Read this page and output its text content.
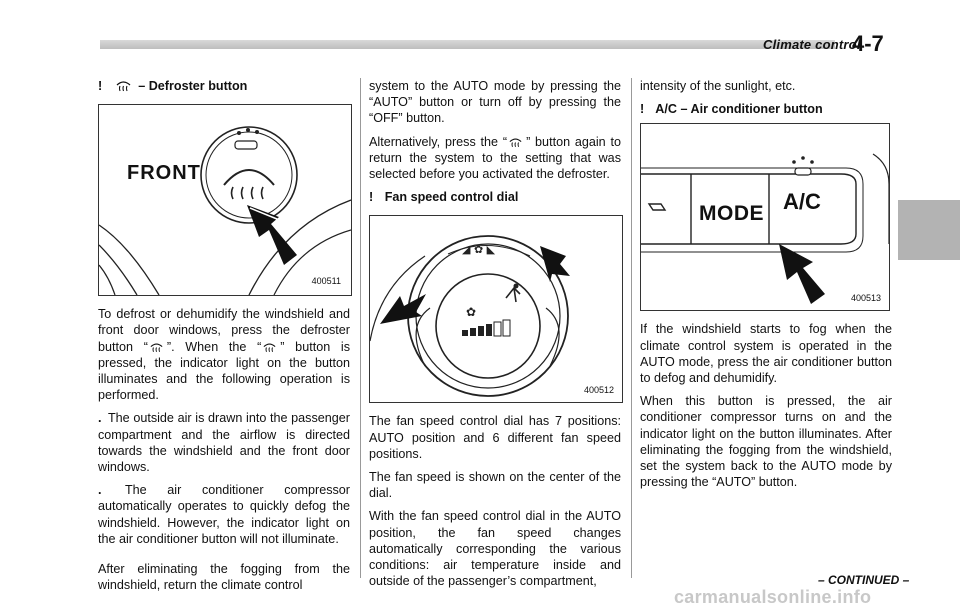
Climate control
4-7

!	– Defroster button

FRONT
400511

To defrost or dehumidify the windshield and front door windows, press the defroster button “ ”. When the “ ” button is pressed, the indicator light on the button illuminates and the following operation is performed.

. The outside air is drawn into the passenger compartment and the airflow is directed towards the windshield and the front door windows.

. The air conditioner compressor automatically operates to quickly defog the windshield. However, the indicator light on the air conditioner button will not illuminate.

After eliminating the fogging from the windshield, return the climate control

system to the AUTO mode by pressing the “AUTO” button or turn off by pressing the “OFF” button.

Alternatively, press the “ ” button again to return the system to the setting that was selected before you activated the defroster.

! Fan speed control dial

◢ ✿ ◣
✿
400512

The fan speed control dial has 7 positions: AUTO position and 6 different fan speed positions.

The fan speed is shown on the center of the dial.

With the fan speed control dial in the AUTO position, the fan speed changes automatically corresponding the various conditions: air temperature inside and outside of the passenger’s compartment,

intensity of the sunlight, etc.

! A/C – Air conditioner button

MODE A/C
400513

If the windshield starts to fog when the climate control system is operated in the AUTO mode, press the air conditioner button to defog and dehumidify.

When this button is pressed, the air conditioner compressor turns on and the indicator light on the button illuminates. After eliminating the fogging from the windshield, set the system back to the AUTO mode by pressing the “AUTO” button.

– CONTINUED –
carmanualsonline.info
